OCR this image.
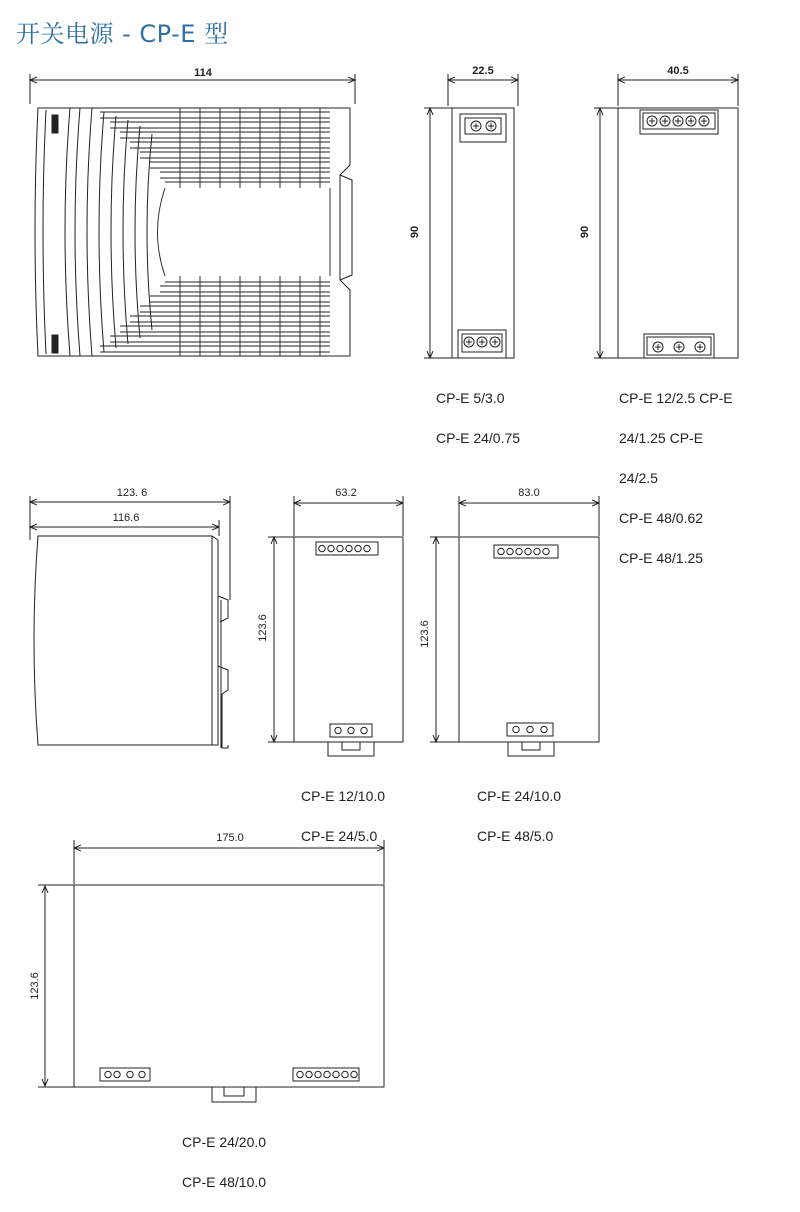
开关电源 - CP-E 型
114	22.5
90
40.5
90
123. 6
116.6
63.2
123.6
83.0
123.6
175.0
123.6

CP-E 5/3.0

CP-E 24/0.75

CP-E 12/2.5 CP-E

24/1.25 CP-E

24/2.5

CP-E 48/0.62

CP-E 48/1.25

CP-E 12/10.0

CP-E 24/5.0

CP-E 24/10.0

CP-E 48/5.0

CP-E 24/20.0

CP-E 48/10.0
